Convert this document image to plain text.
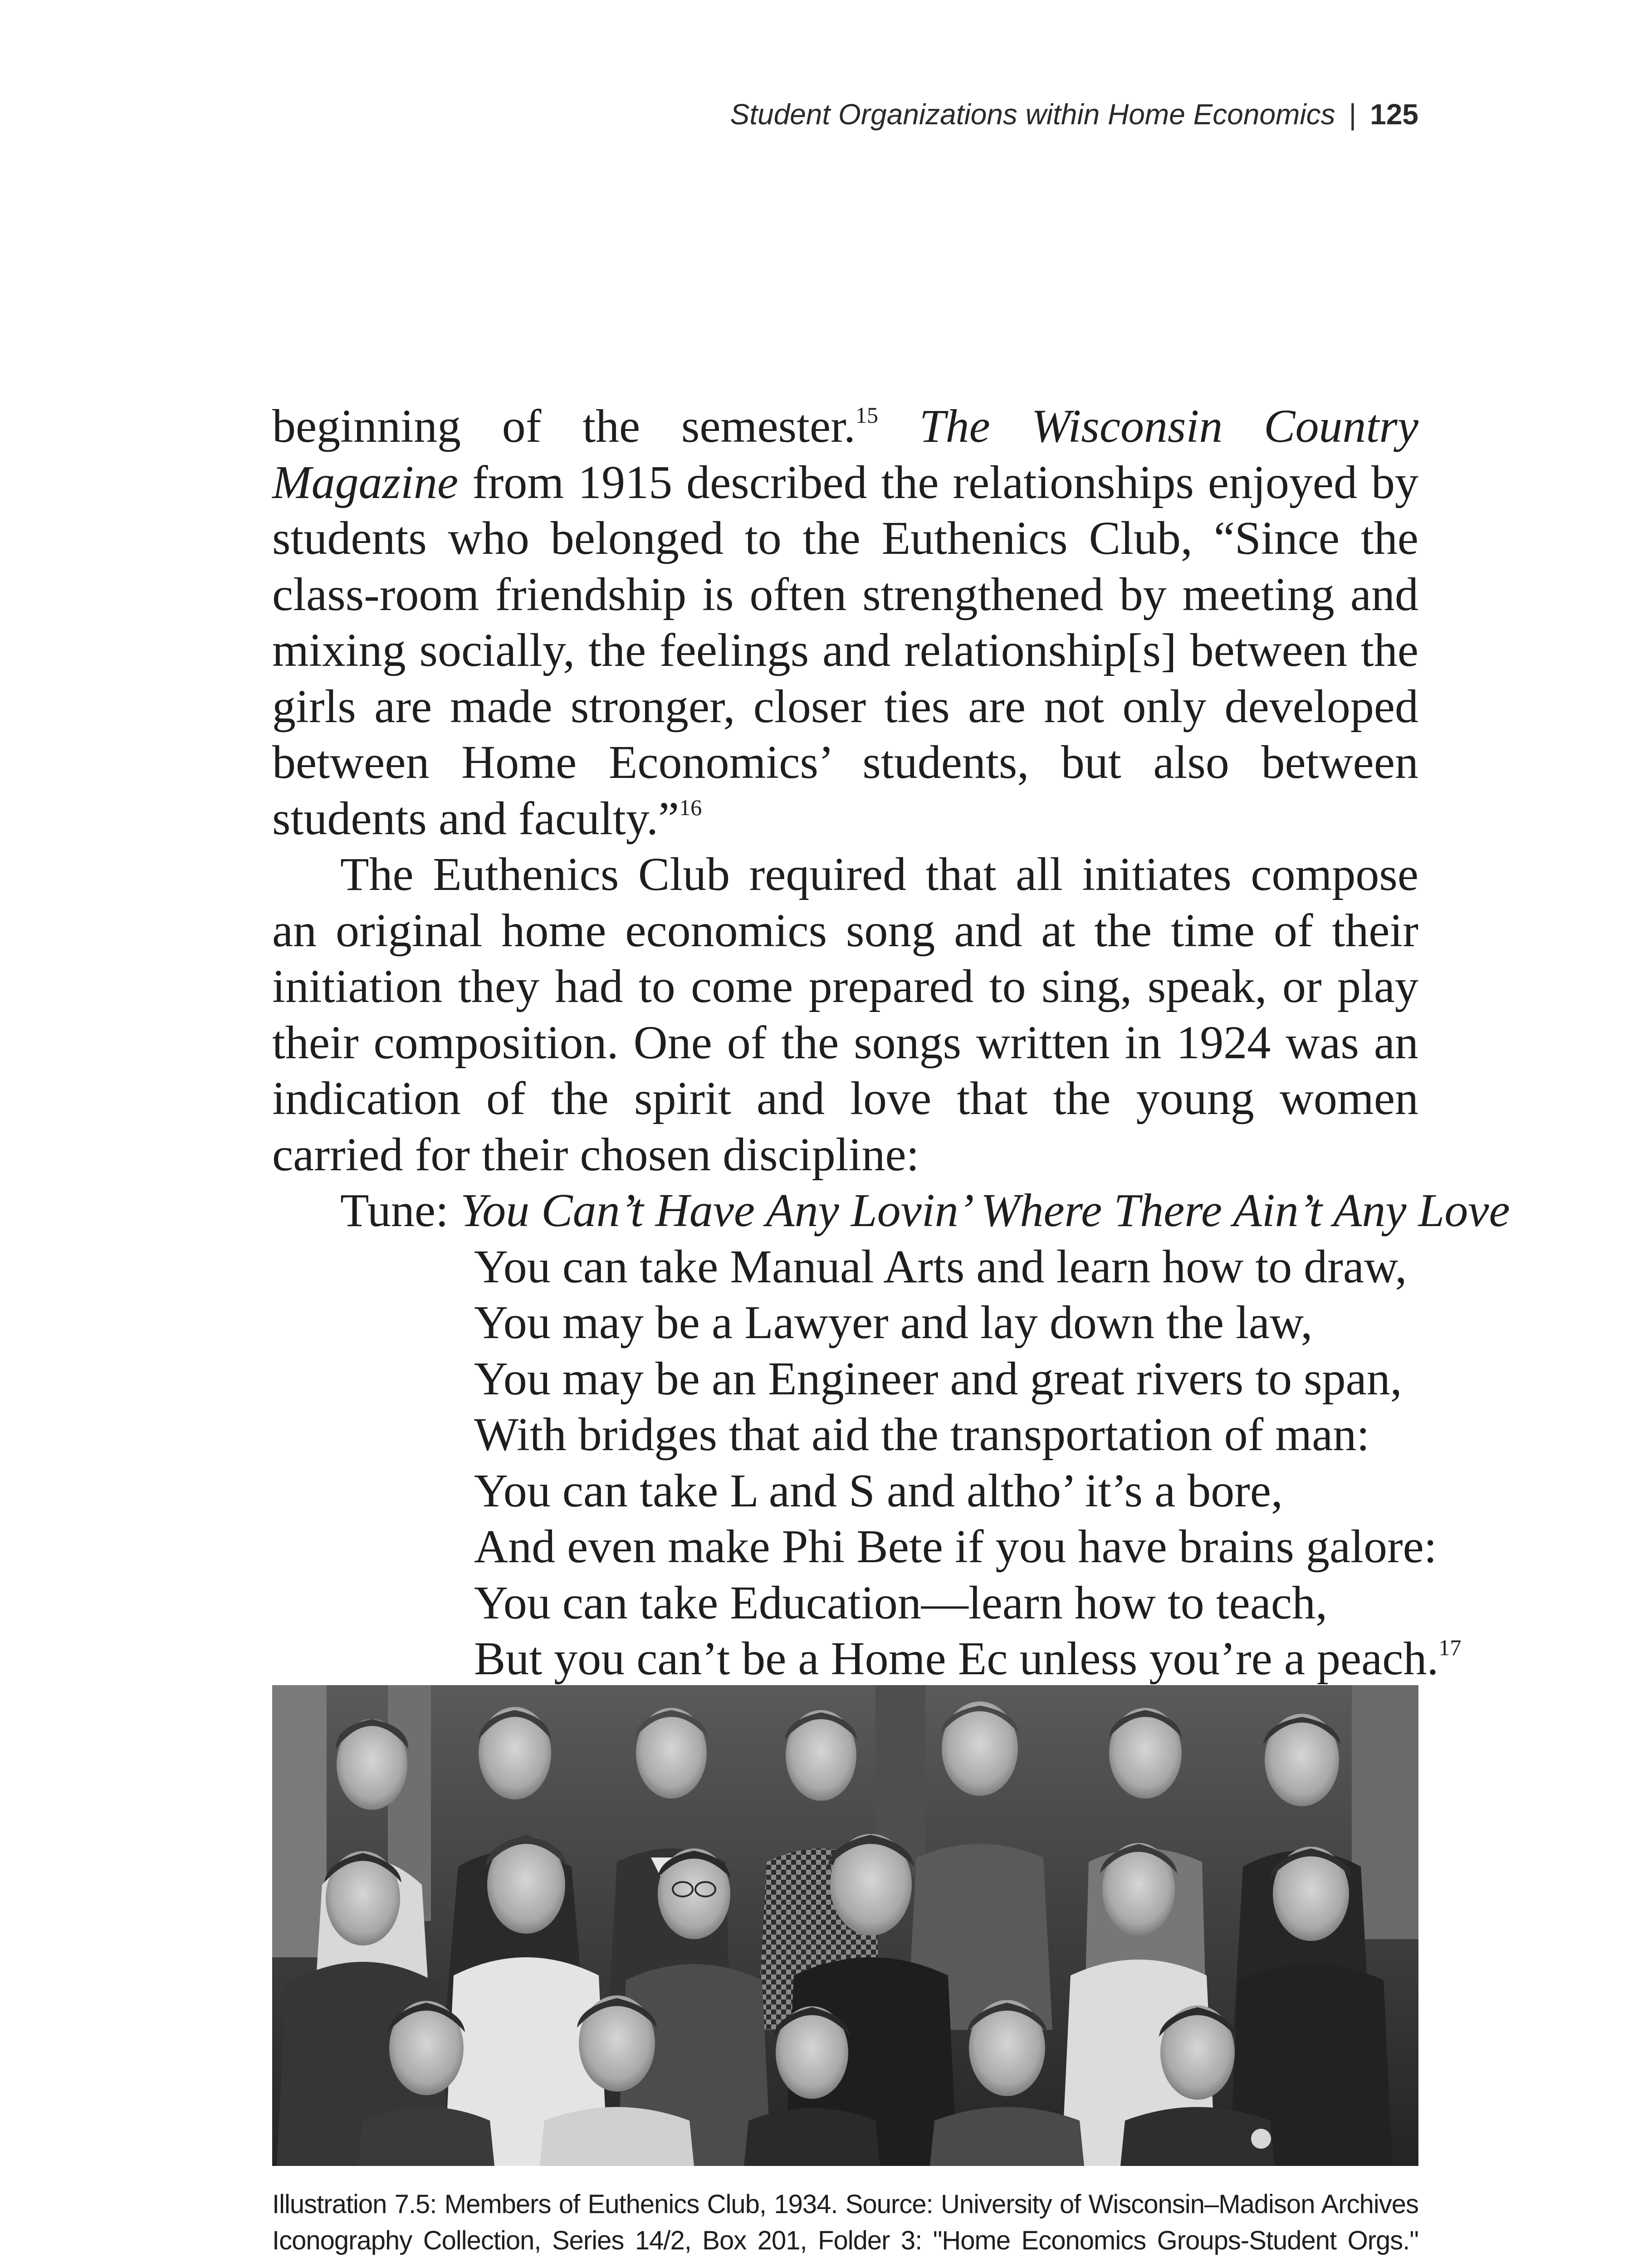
Student Organizations within Home Economics | 125

beginning of the semester.$^{15}$ The Wisconsin Country Magazine from 1915 described the relationships enjoyed by students who belonged to the Euthenics Club, “Since the class-room friendship is often strengthened by meeting and mixing socially, the feelings and relationship[s] between the girls are made stronger, closer ties are not only developed between Home Economics’ students, but also between students and faculty.”$^{16}$

The Euthenics Club required that all initiates compose an original home economics song and at the time of their initiation they had to come prepared to sing, speak, or play their composition. One of the songs written in 1924 was an indication of the spirit and love that the young women carried for their chosen discipline:

Tune: You Can’t Have Any Lovin’ Where There Ain’t Any Love

You can take Manual Arts and learn how to draw,
You may be a Lawyer and lay down the law,
You may be an Engineer and great rivers to span,
With bridges that aid the transportation of man:
You can take L and S and altho’ it’s a bore,
And even make Phi Bete if you have brains galore:
You can take Education—learn how to teach,
But you can’t be a Home Ec unless you’re a peach.$^{17}$

Illustration 7.5: Members of Euthenics Club, 1934. Source: University of Wisconsin–Madison Archives
Iconography Collection, Series 14/2, Box 201, Folder 3: "Home Economics Groups-Student Orgs."
